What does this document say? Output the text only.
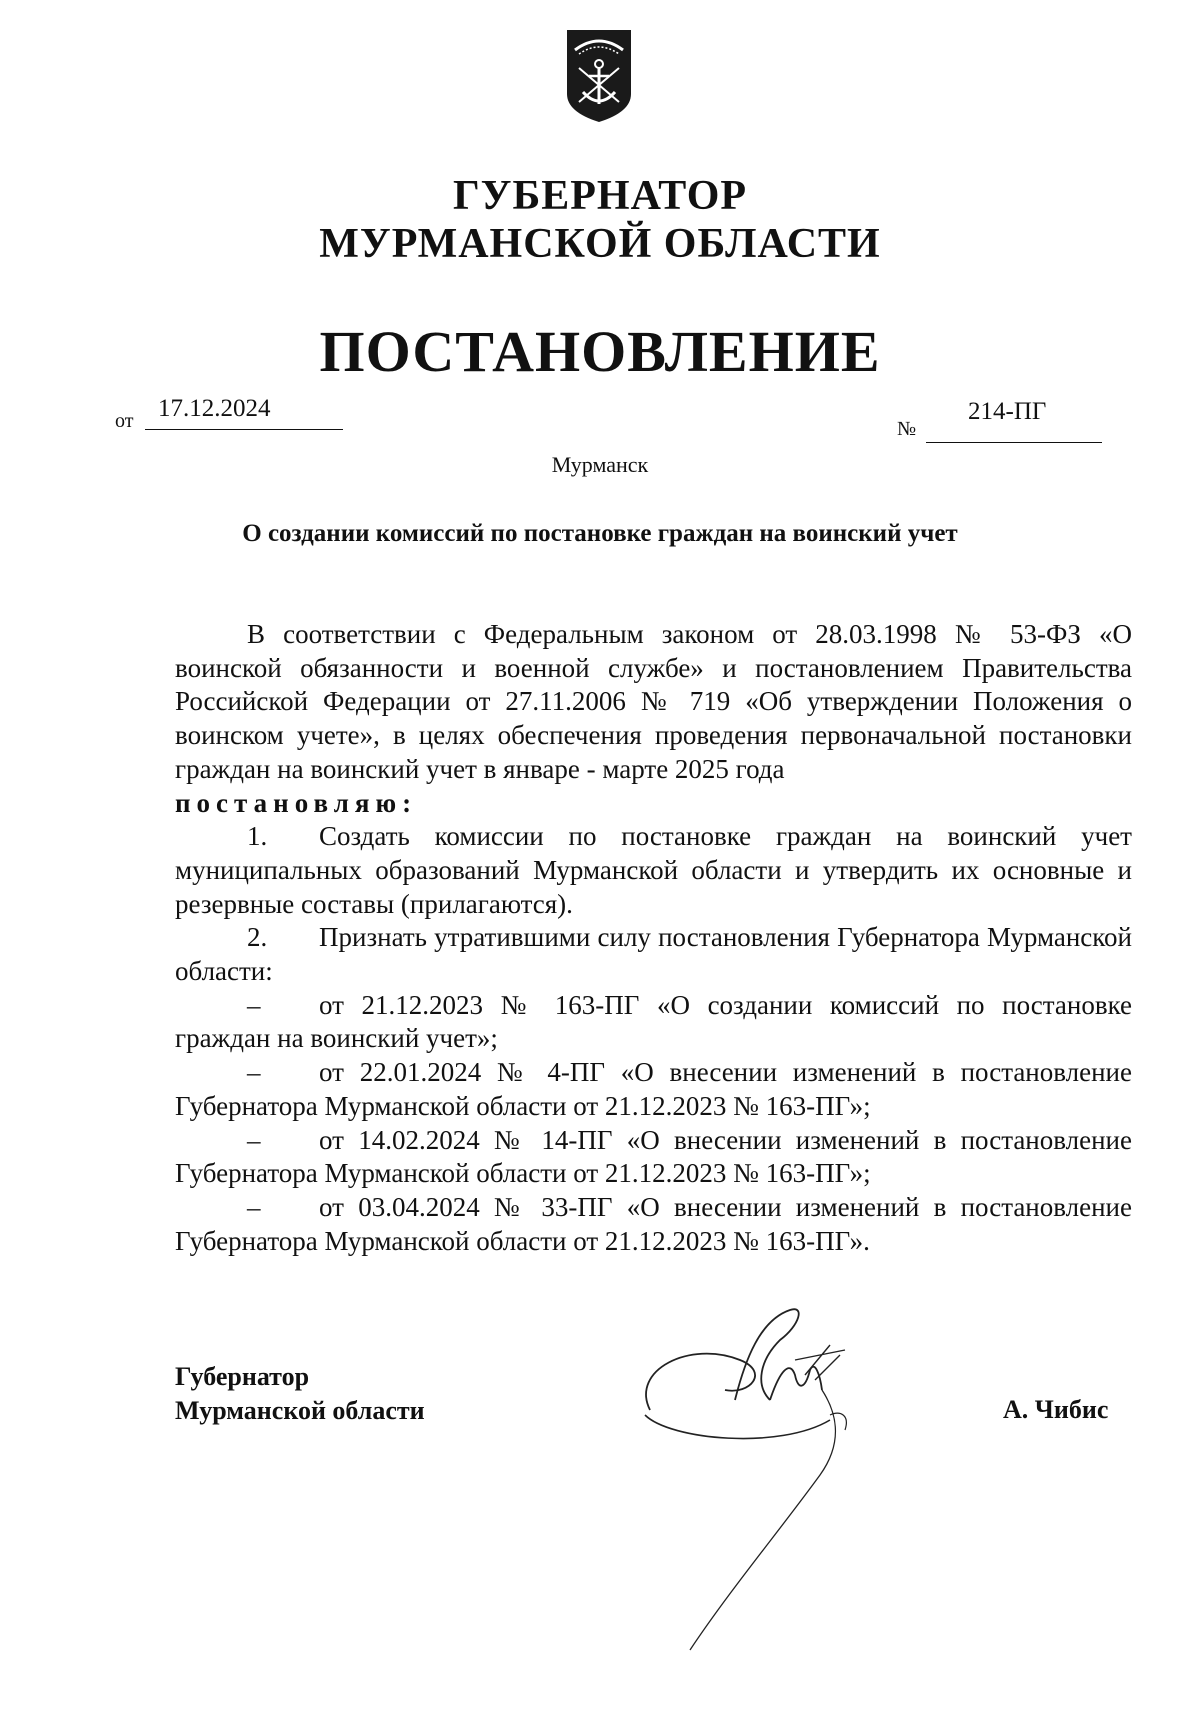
ГУБЕРНАТОР
МУРМАНСКОЙ ОБЛАСТИ
ПОСТАНОВЛЕНИЕ
от 17.12.2024
№
214-ПГ
Мурманск
О создании комиссий по постановке граждан на воинский учет

В соответствии с Федеральным законом от 28.03.1998 № 53-ФЗ «О воинской обязанности и военной службе» и постановлением Правительства Российской Федерации от 27.11.2006 № 719 «Об утверждении Положения о воинском учете», в целях обеспечения проведения первоначальной постановки граждан на воинский учет в январе - марте 2025 года

постановляю:

1. Создать комиссии по постановке граждан на воинский учет муниципальных образований Мурманской области и утвердить их основные и резервные составы (прилагаются).

2. Признать утратившими силу постановления Губернатора Мурманской области:

– от 21.12.2023 № 163-ПГ «О создании комиссий по постановке граждан на воинский учет»;

– от 22.01.2024 № 4-ПГ «О внесении изменений в постановление Губернатора Мурманской области от 21.12.2023 № 163-ПГ»;

– от 14.02.2024 № 14-ПГ «О внесении изменений в постановление Губернатора Мурманской области от 21.12.2023 № 163-ПГ»;

– от 03.04.2024 № 33-ПГ «О внесении изменений в постановление Губернатора Мурманской области от 21.12.2023 № 163-ПГ».

Губернатор
Мурманской области	А. Чибис
